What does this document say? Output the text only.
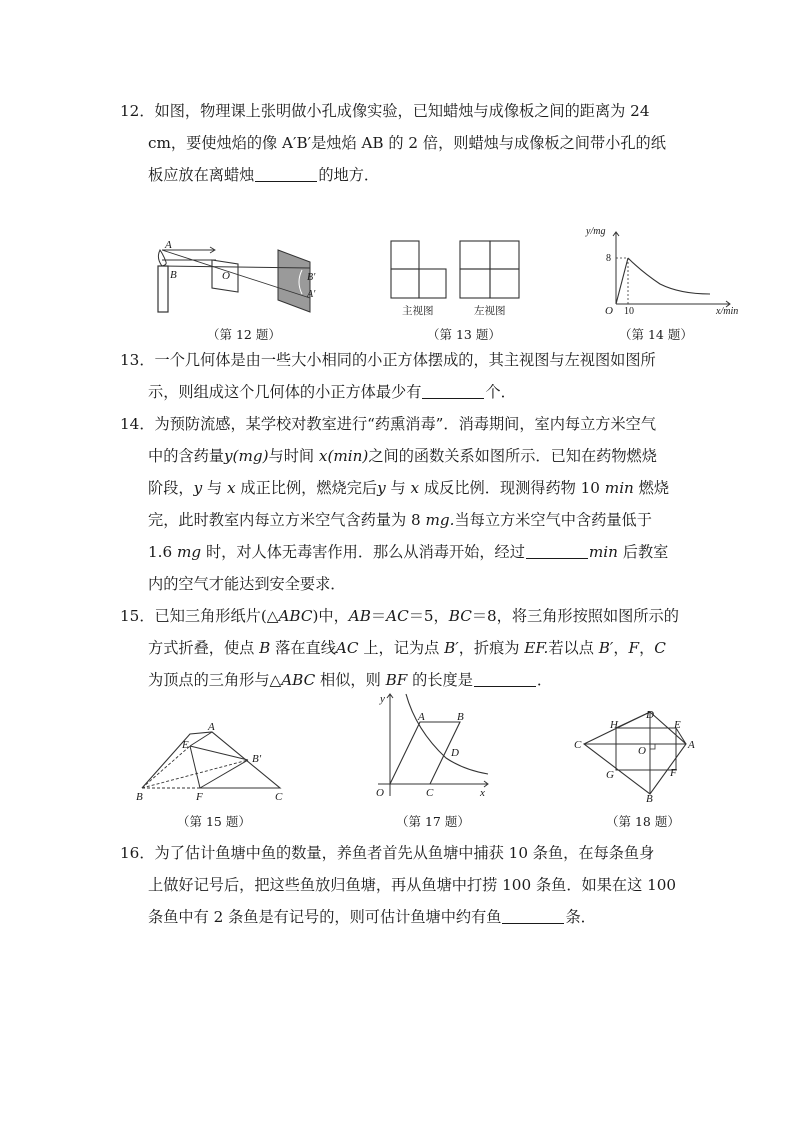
12．如图，物理课上张明做小孔成像实验，已知蜡烛与成像板之间的距离为 24
cm，要使烛焰的像 A′B′是烛焰 AB 的 2 倍，则蜡烛与成像板之间带小孔的纸
板应放在离蜡烛	的地方．
A
B	O	B′
A′
（第 12 题）
主视图	左视图
（第 13 题）
y/mg
8
O 10	x/min
（第 14 题）
13．一个几何体是由一些大小相同的小正方体摆成的，其主视图与左视图如图所
示，则组成这个几何体的小正方体最少有	个．
14．为预防流感，某学校对教室进行“药熏消毒”．消毒期间，室内每立方米空气
中的含药量y(mg)与时间 x(min)之间的函数关系如图所示．已知在药物燃烧
阶段，y 与 x 成正比例，燃烧完后y 与 x 成反比例．现测得药物 10 min 燃烧
完，此时教室内每立方米空气含药量为 8 mg.当每立方米空气中含药量低于
1.6 mg 时，对人体无毒害作用．那么从消毒开始，经过	min 后教室
内的空气才能达到安全要求．
15．已知三角形纸片(△ABC)中，AB＝AC＝5，BC＝8，将三角形按照如图所示的
方式折叠，使点 B 落在直线AC 上，记为点 B′，折痕为 EF.若以点 B′，F，C
为顶点的三角形与△ABC 相似，则 BF 的长度是	．
A
E
B′
B	F	C
（第 15 题）
y
A	B
D
O	C	x
（第 17 题）
H
D
E
C	O	A
G	F
B
（第 18 题）
16．为了估计鱼塘中鱼的数量，养鱼者首先从鱼塘中捕获 10 条鱼，在每条鱼身
上做好记号后，把这些鱼放归鱼塘，再从鱼塘中打捞 100 条鱼．如果在这 100
条鱼中有 2 条鱼是有记号的，则可估计鱼塘中约有鱼	条．
